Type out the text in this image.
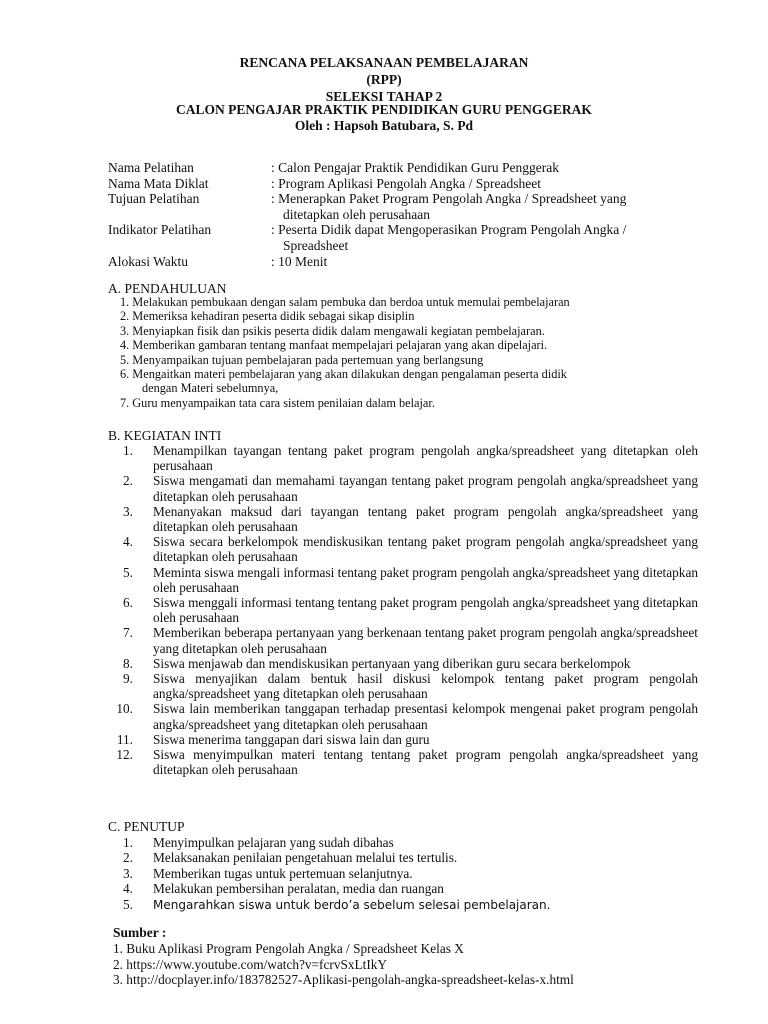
RENCANA PELAKSANAAN PEMBELAJARAN
(RPP)
SELEKSI TAHAP 2
CALON PENGAJAR PRAKTIK PENDIDIKAN GURU PENGGERAK
Oleh : Hapsoh Batubara, S. Pd
Nama Pelatihan	: Calon Pengajar Praktik Pendidikan Guru Penggerak
Nama Mata Diklat	: Program Aplikasi Pengolah Angka / Spreadsheet
Tujuan Pelatihan	: Menerapkan Paket Program Pengolah Angka / Spreadsheet yang
ditetapkan oleh perusahaan
Indikator Pelatihan	: Peserta Didik dapat Mengoperasikan Program Pengolah Angka /
Spreadsheet
Alokasi Waktu	: 10 Menit
A. PENDAHULUAN
1. Melakukan pembukaan dengan salam pembuka dan berdoa untuk memulai pembelajaran
2. Memeriksa kehadiran peserta didik sebagai sikap disiplin
3. Menyiapkan fisik dan psikis peserta didik dalam mengawali kegiatan pembelajaran.
4. Memberikan gambaran tentang manfaat mempelajari pelajaran yang akan dipelajari.
5. Menyampaikan tujuan pembelajaran pada pertemuan yang berlangsung
6. Mengaitkan materi pembelajaran yang akan dilakukan dengan pengalaman peserta didik
dengan Materi sebelumnya,
7. Guru menyampaikan tata cara sistem penilaian dalam belajar.
B. KEGIATAN INTI
1. Menampilkan tayangan tentang paket program pengolah angka/spreadsheet yang ditetapkan oleh perusahaan
2. Siswa mengamati dan memahami tayangan tentang paket program pengolah angka/spreadsheet yang ditetapkan oleh perusahaan
3. Menanyakan maksud dari tayangan tentang paket program pengolah angka/spreadsheet yang ditetapkan oleh perusahaan
4. Siswa secara berkelompok mendiskusikan tentang paket program pengolah angka/spreadsheet yang ditetapkan oleh perusahaan
5. Meminta siswa mengali informasi tentang paket program pengolah angka/spreadsheet yang ditetapkan oleh perusahaan
6. Siswa menggali informasi tentang tentang paket program pengolah angka/spreadsheet yang ditetapkan oleh perusahaan
7. Memberikan beberapa pertanyaan yang berkenaan tentang paket program pengolah angka/spreadsheet yang ditetapkan oleh perusahaan
8. Siswa menjawab dan mendiskusikan pertanyaan yang diberikan guru secara berkelompok
9. Siswa menyajikan dalam bentuk hasil diskusi kelompok tentang paket program pengolah angka/spreadsheet yang ditetapkan oleh perusahaan
10. Siswa lain memberikan tanggapan terhadap presentasi kelompok mengenai paket program pengolah angka/spreadsheet yang ditetapkan oleh perusahaan
11. Siswa menerima tanggapan dari siswa lain dan guru
12. Siswa menyimpulkan materi tentang tentang paket program pengolah angka/spreadsheet yang ditetapkan oleh perusahaan
C. PENUTUP
1. Menyimpulkan pelajaran yang sudah dibahas
2. Melaksanakan penilaian pengetahuan melalui tes tertulis.
3. Memberikan tugas untuk pertemuan selanjutnya.
4. Melakukan pembersihan peralatan, media dan ruangan
5. Mengarahkan siswa untuk berdo’a sebelum selesai pembelajaran.
Sumber :
1. Buku Aplikasi Program Pengolah Angka / Spreadsheet Kelas X
2. https://www.youtube.com/watch?v=fcrvSxLtIkY
3. http://docplayer.info/183782527-Aplikasi-pengolah-angka-spreadsheet-kelas-x.html
